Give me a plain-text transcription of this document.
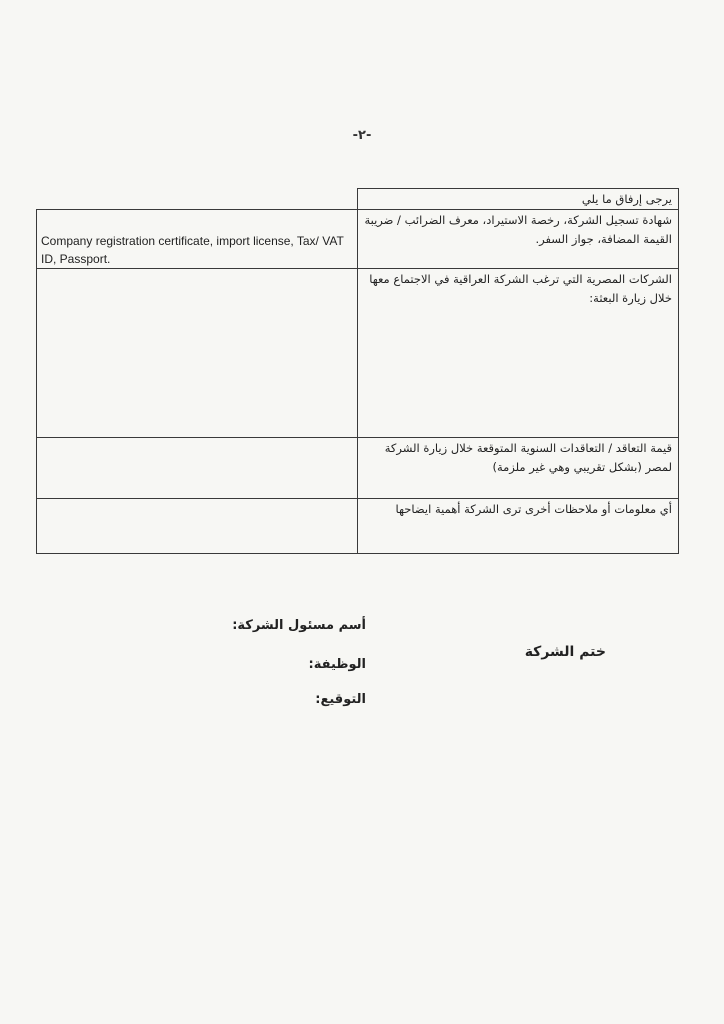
-٢-

	يرجى إرفاق ما يلي

Company registration certificate, import license, Tax/ VAT ID, Passport.	شهادة تسجيل الشركة، رخصة الاستيراد، معرف الضرائب / ضريبة القيمة المضافة، جواز السفر.

	الشركات المصرية التي ترغب الشركة العراقية في الاجتماع معها خلال زيارة البعثة:

	قيمة التعاقد / التعاقدات السنوية المتوقعة خلال زيارة الشركة لمصر (بشكل تقريبي وهي غير ملزمة)

	أي معلومات أو ملاحظات أخرى ترى الشركة أهمية ايضاحها
أسم مسئول الشركة:
الوظيفة:
التوقيع:
ختم الشركة
